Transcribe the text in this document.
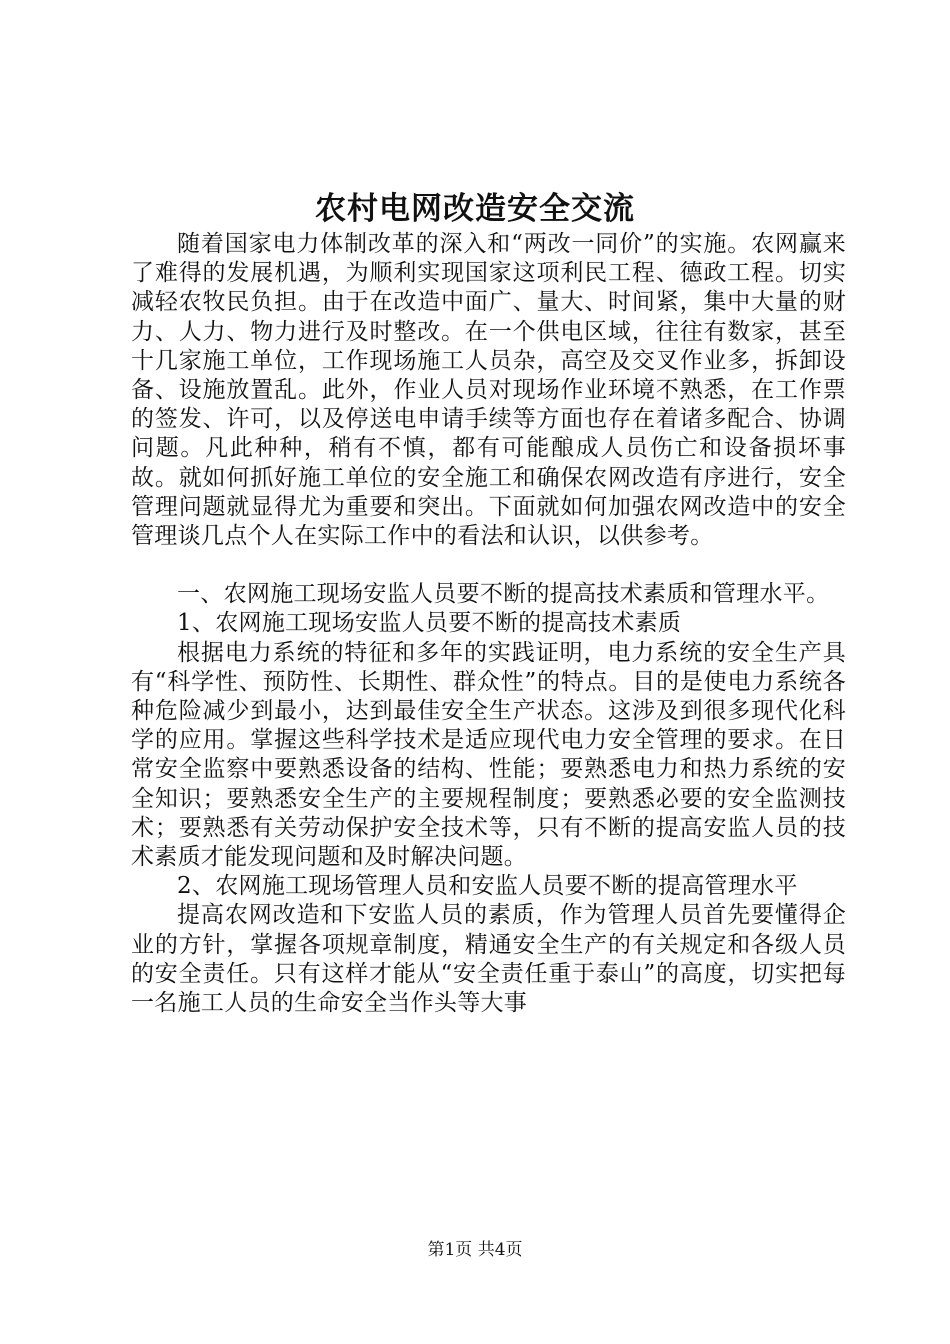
农村电网改造安全交流

随着国家电力体制改革的深入和“两改一同价”的实施。农网赢来了难得的发展机遇，为顺利实现国家这项利民工程、德政工程。切实减轻农牧民负担。由于在改造中面广、量大、时间紧，集中大量的财力、人力、物力进行及时整改。在一个供电区域，往往有数家，甚至十几家施工单位，工作现场施工人员杂，高空及交叉作业多，拆卸设备、设施放置乱。此外，作业人员对现场作业环境不熟悉，在工作票的签发、许可，以及停送电申请手续等方面也存在着诸多配合、协调问题。凡此种种，稍有不慎，都有可能酿成人员伤亡和设备损坏事故。就如何抓好施工单位的安全施工和确保农网改造有序进行，安全管理问题就显得尤为重要和突出。下面就如何加强农网改造中的安全管理谈几点个人在实际工作中的看法和认识，以供参考。

一、农网施工现场安监人员要不断的提高技术素质和管理水平。

1、农网施工现场安监人员要不断的提高技术素质

根据电力系统的特征和多年的实践证明，电力系统的安全生产具有“科学性、预防性、长期性、群众性”的特点。目的是使电力系统各种危险减少到最小，达到最佳安全生产状态。这涉及到很多现代化科学的应用。掌握这些科学技术是适应现代电力安全管理的要求。在日常安全监察中要熟悉设备的结构、性能；要熟悉电力和热力系统的安全知识；要熟悉安全生产的主要规程制度；要熟悉必要的安全监测技术；要熟悉有关劳动保护安全技术等，只有不断的提高安监人员的技术素质才能发现问题和及时解决问题。

2、农网施工现场管理人员和安监人员要不断的提高管理水平

提高农网改造和下安监人员的素质，作为管理人员首先要懂得企业的方针，掌握各项规章制度，精通安全生产的有关规定和各级人员的安全责任。只有这样才能从“安全责任重于泰山”的高度，切实把每一名施工人员的生命安全当作头等大事

第1页 共4页
